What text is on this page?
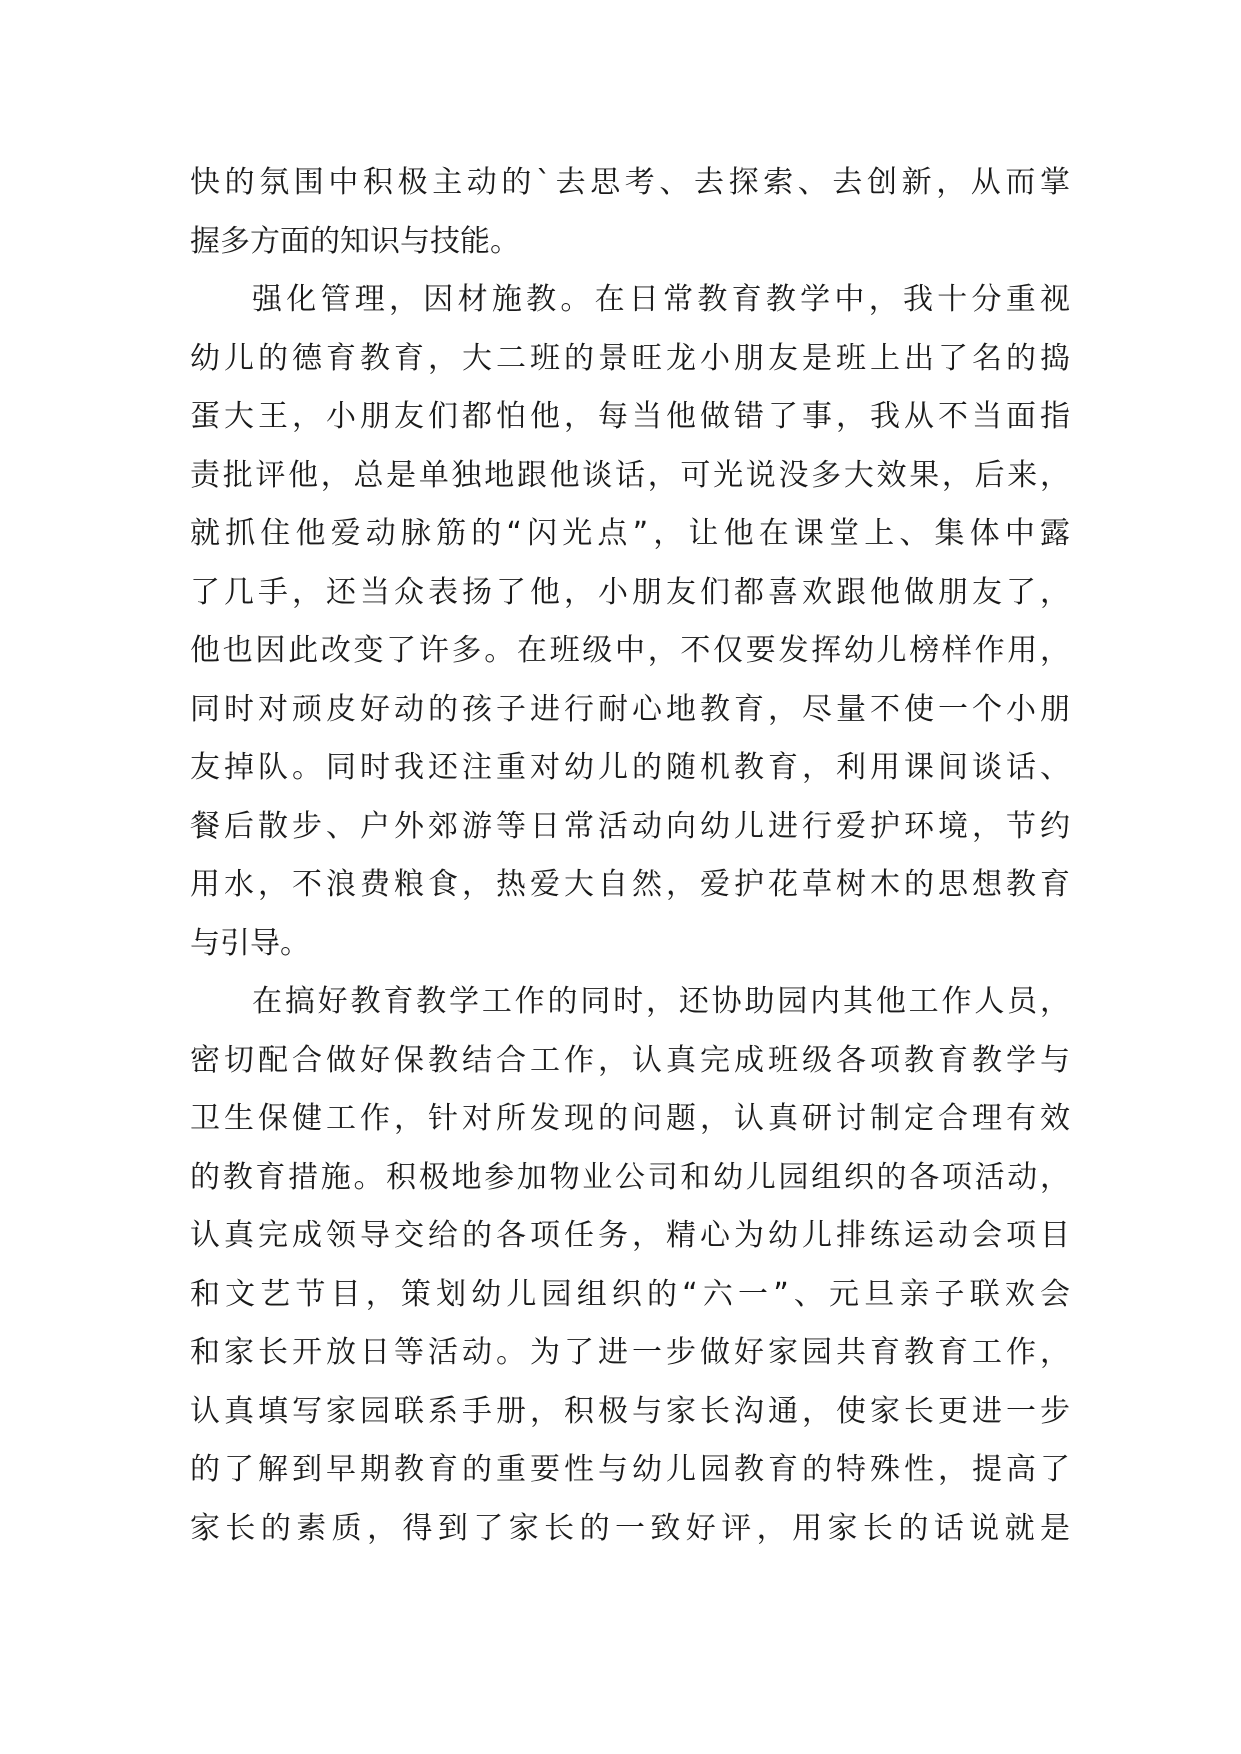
快的氛围中积极主动的`去思考、去探索、去创新，从而掌
握多方面的知识与技能。
强化管理，因材施教。在日常教育教学中，我十分重视
幼儿的德育教育，大二班的景旺龙小朋友是班上出了名的捣
蛋大王，小朋友们都怕他，每当他做错了事，我从不当面指
责批评他，总是单独地跟他谈话，可光说没多大效果，后来，
就抓住他爱动脉筋的“闪光点”，让他在课堂上、集体中露
了几手，还当众表扬了他，小朋友们都喜欢跟他做朋友了，
他也因此改变了许多。在班级中，不仅要发挥幼儿榜样作用，
同时对顽皮好动的孩子进行耐心地教育，尽量不使一个小朋
友掉队。同时我还注重对幼儿的随机教育，利用课间谈话、
餐后散步、户外郊游等日常活动向幼儿进行爱护环境，节约
用水，不浪费粮食，热爱大自然，爱护花草树木的思想教育
与引导。
在搞好教育教学工作的同时，还协助园内其他工作人员，
密切配合做好保教结合工作，认真完成班级各项教育教学与
卫生保健工作，针对所发现的问题，认真研讨制定合理有效
的教育措施。积极地参加物业公司和幼儿园组织的各项活动，
认真完成领导交给的各项任务，精心为幼儿排练运动会项目
和文艺节目，策划幼儿园组织的“六一”、元旦亲子联欢会
和家长开放日等活动。为了进一步做好家园共育教育工作，
认真填写家园联系手册，积极与家长沟通，使家长更进一步
的了解到早期教育的重要性与幼儿园教育的特殊性，提高了
家长的素质，得到了家长的一致好评，用家长的话说就是
